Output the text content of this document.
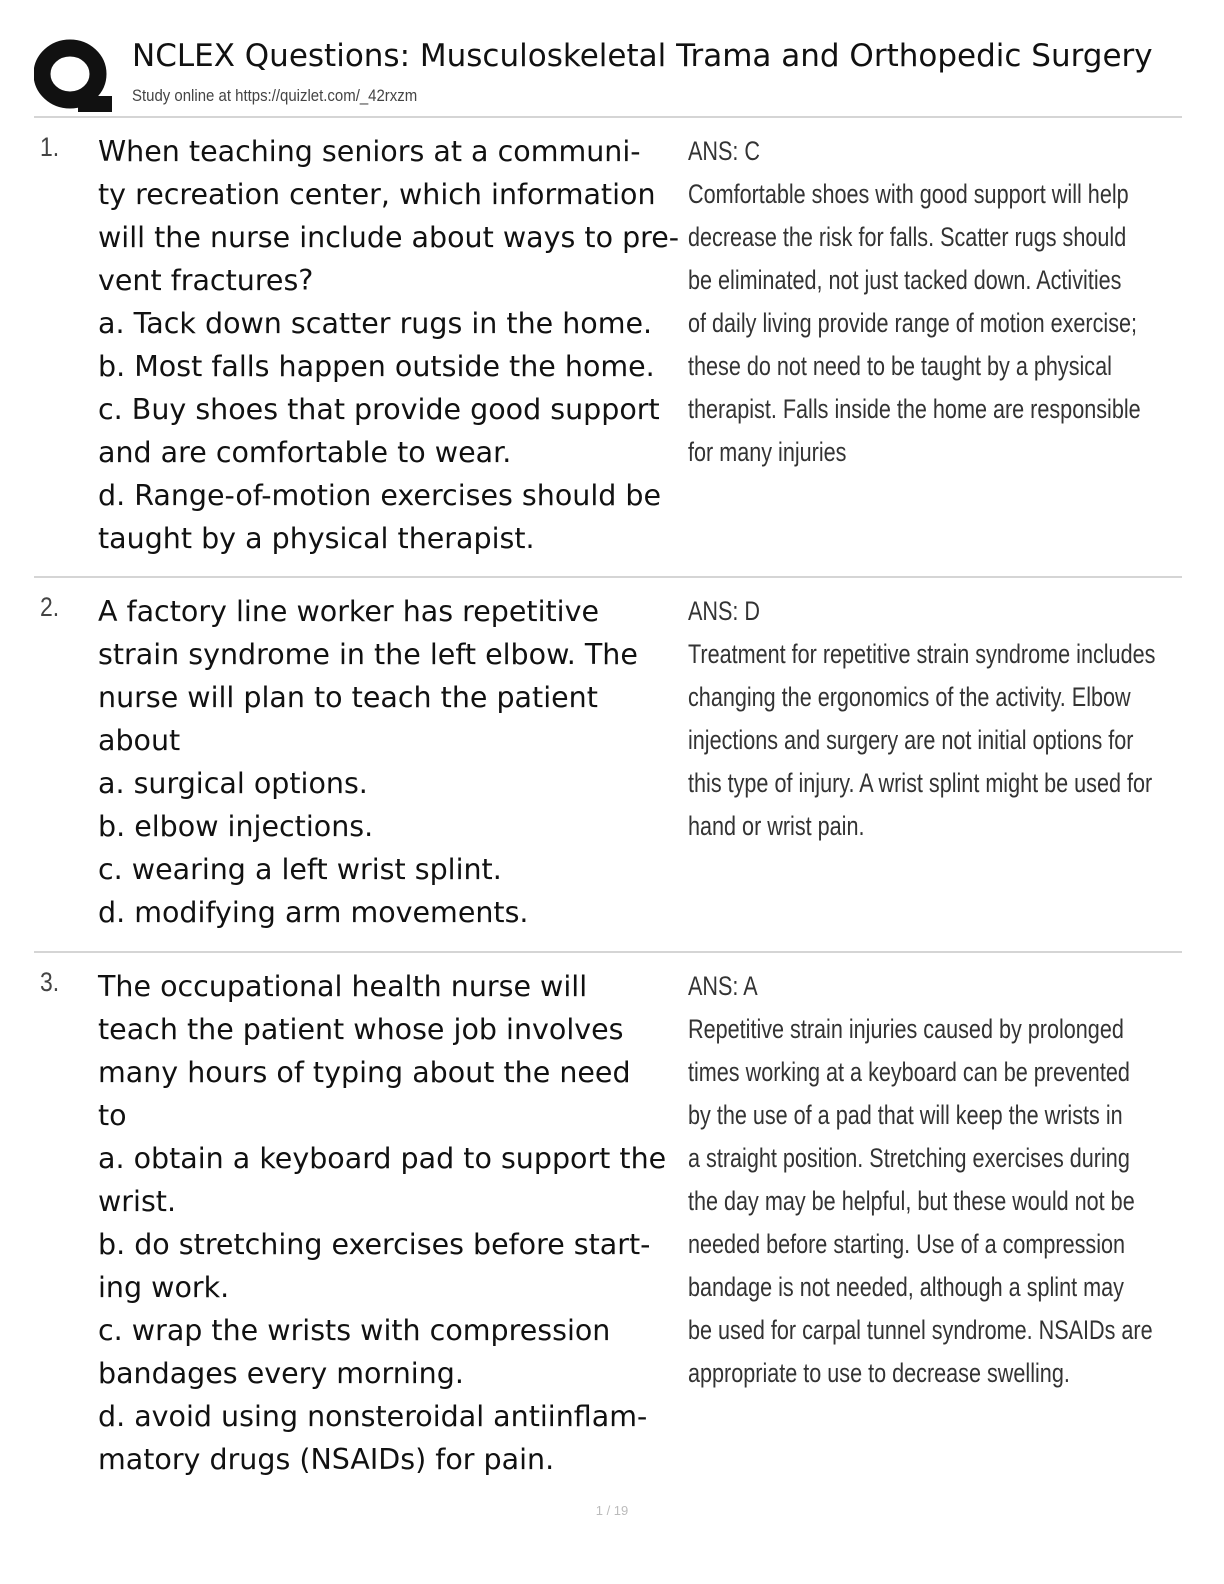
NCLEX Questions: Musculoskeletal Trama and Orthopedic Surgery
Study online at https://quizlet.com/_42rxzm
1. When teaching seniors at a communi-
ty recreation center, which information
will the nurse include about ways to pre-
vent fractures?
a. Tack down scatter rugs in the home.
b. Most falls happen outside the home.
c. Buy shoes that provide good support
and are comfortable to wear.
d. Range-of-motion exercises should be
taught by a physical therapist.
ANS: C
Comfortable shoes with good support will help
decrease the risk for falls. Scatter rugs should
be eliminated, not just tacked down. Activities
of daily living provide range of motion exercise;
these do not need to be taught by a physical
therapist. Falls inside the home are responsible
for many injuries
2. A factory line worker has repetitive
strain syndrome in the left elbow. The
nurse will plan to teach the patient
about
a. surgical options.
b. elbow injections.
c. wearing a left wrist splint.
d. modifying arm movements.
ANS: D
Treatment for repetitive strain syndrome includes
changing the ergonomics of the activity. Elbow
injections and surgery are not initial options for
this type of injury. A wrist splint might be used for
hand or wrist pain.
3. The occupational health nurse will
teach the patient whose job involves
many hours of typing about the need
to
a. obtain a keyboard pad to support the
wrist.
b. do stretching exercises before start-
ing work.
c. wrap the wrists with compression
bandages every morning.
d. avoid using nonsteroidal antiinflam-
matory drugs (NSAIDs) for pain.
ANS: A
Repetitive strain injuries caused by prolonged
times working at a keyboard can be prevented
by the use of a pad that will keep the wrists in
a straight position. Stretching exercises during
the day may be helpful, but these would not be
needed before starting. Use of a compression
bandage is not needed, although a splint may
be used for carpal tunnel syndrome. NSAIDs are
appropriate to use to decrease swelling.
1 / 19
